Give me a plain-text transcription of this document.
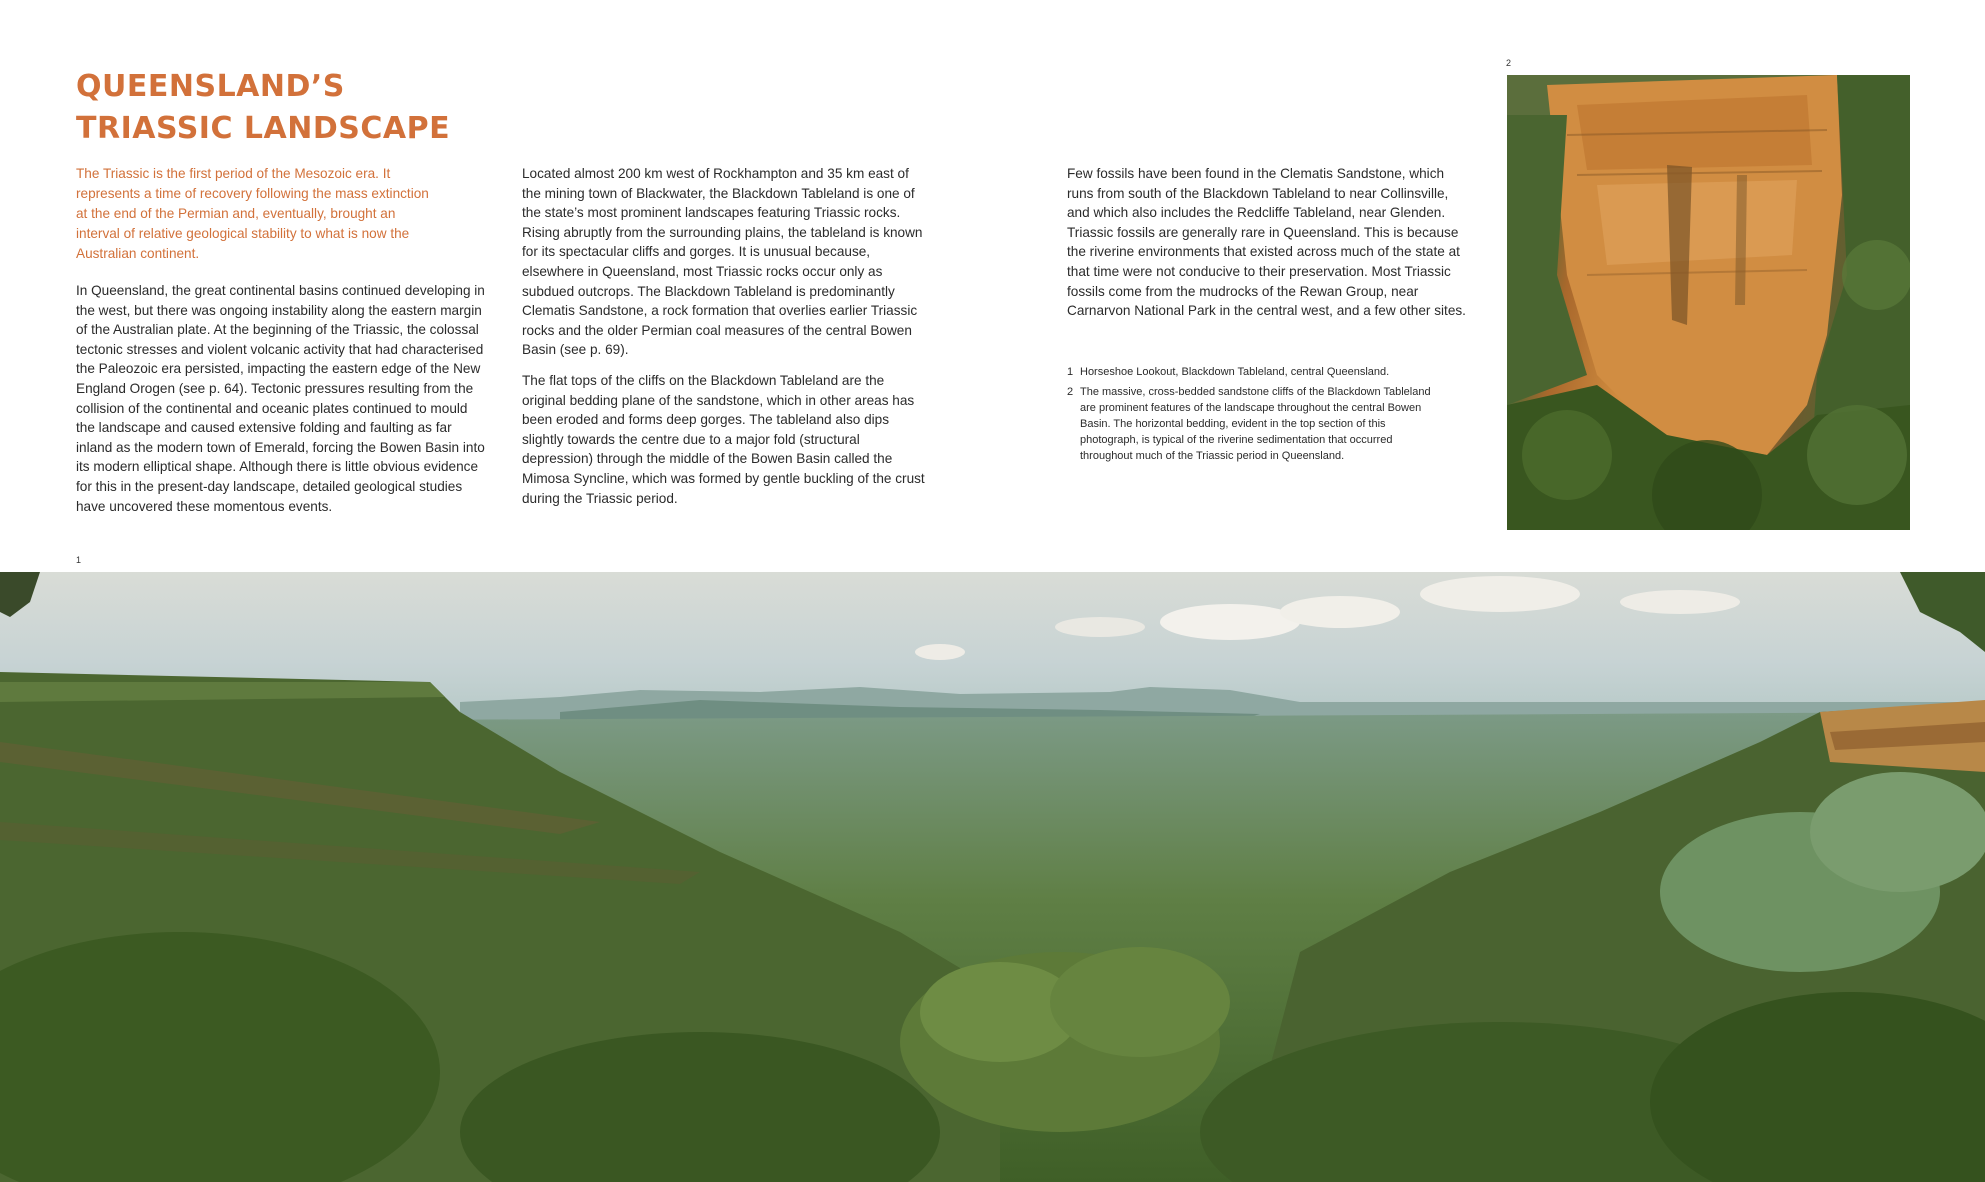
QUEENSLAND’S
TRIASSIC LANDSCAPE

The Triassic is the first period of the Mesozoic era. It represents a time of recovery following the mass extinction at the end of the Permian and, eventually, brought an interval of relative geological stability to what is now the Australian continent.

In Queensland, the great continental basins continued developing in the west, but there was ongoing instability along the eastern margin of the Australian plate. At the beginning of the Triassic, the colossal tectonic stresses and violent volcanic activity that had characterised the Paleozoic era persisted, impacting the eastern edge of the New England Orogen (see p. 64). Tectonic pressures resulting from the collision of the continental and oceanic plates continued to mould the landscape and caused extensive folding and faulting as far inland as the modern town of Emerald, forcing the Bowen Basin into its modern elliptical shape. Although there is little obvious evidence for this in the present-day landscape, detailed geological studies have uncovered these momentous events.

Located almost 200 km west of Rockhampton and 35 km east of the mining town of Blackwater, the Blackdown Tableland is one of the state’s most prominent landscapes featuring Triassic rocks. Rising abruptly from the surrounding plains, the tableland is known for its spectacular cliffs and gorges. It is unusual because, elsewhere in Queensland, most Triassic rocks occur only as subdued outcrops. The Blackdown Tableland is predominantly Clematis Sandstone, a rock formation that overlies earlier Triassic rocks and the older Permian coal measures of the central Bowen Basin (see p. 69).

The flat tops of the cliffs on the Blackdown Tableland are the original bedding plane of the sandstone, which in other areas has been eroded and forms deep gorges. The tableland also dips slightly towards the centre due to a major fold (structural depression) through the middle of the Bowen Basin called the Mimosa Syncline, which was formed by gentle buckling of the crust during the Triassic period.

Few fossils have been found in the Clematis Sandstone, which runs from south of the Blackdown Tableland to near Collinsville, and which also includes the Redcliffe Tableland, near Glenden. Triassic fossils are generally rare in Queensland. This is because the riverine environments that existed across much of the state at that time were not conducive to their preservation. Most Triassic fossils come from the mudrocks of the Rewan Group, near Carnarvon National Park in the central west, and a few other sites.

1 Horseshoe Lookout, Blackdown Tableland, central Queensland.
2 The massive, cross-bedded sandstone cliffs of the Blackdown Tableland are prominent features of the landscape throughout the central Bowen Basin. The horizontal bedding, evident in the top section of this photograph, is typical of the riverine sedimentation that occurred throughout much of the Triassic period in Queensland.
2
1
